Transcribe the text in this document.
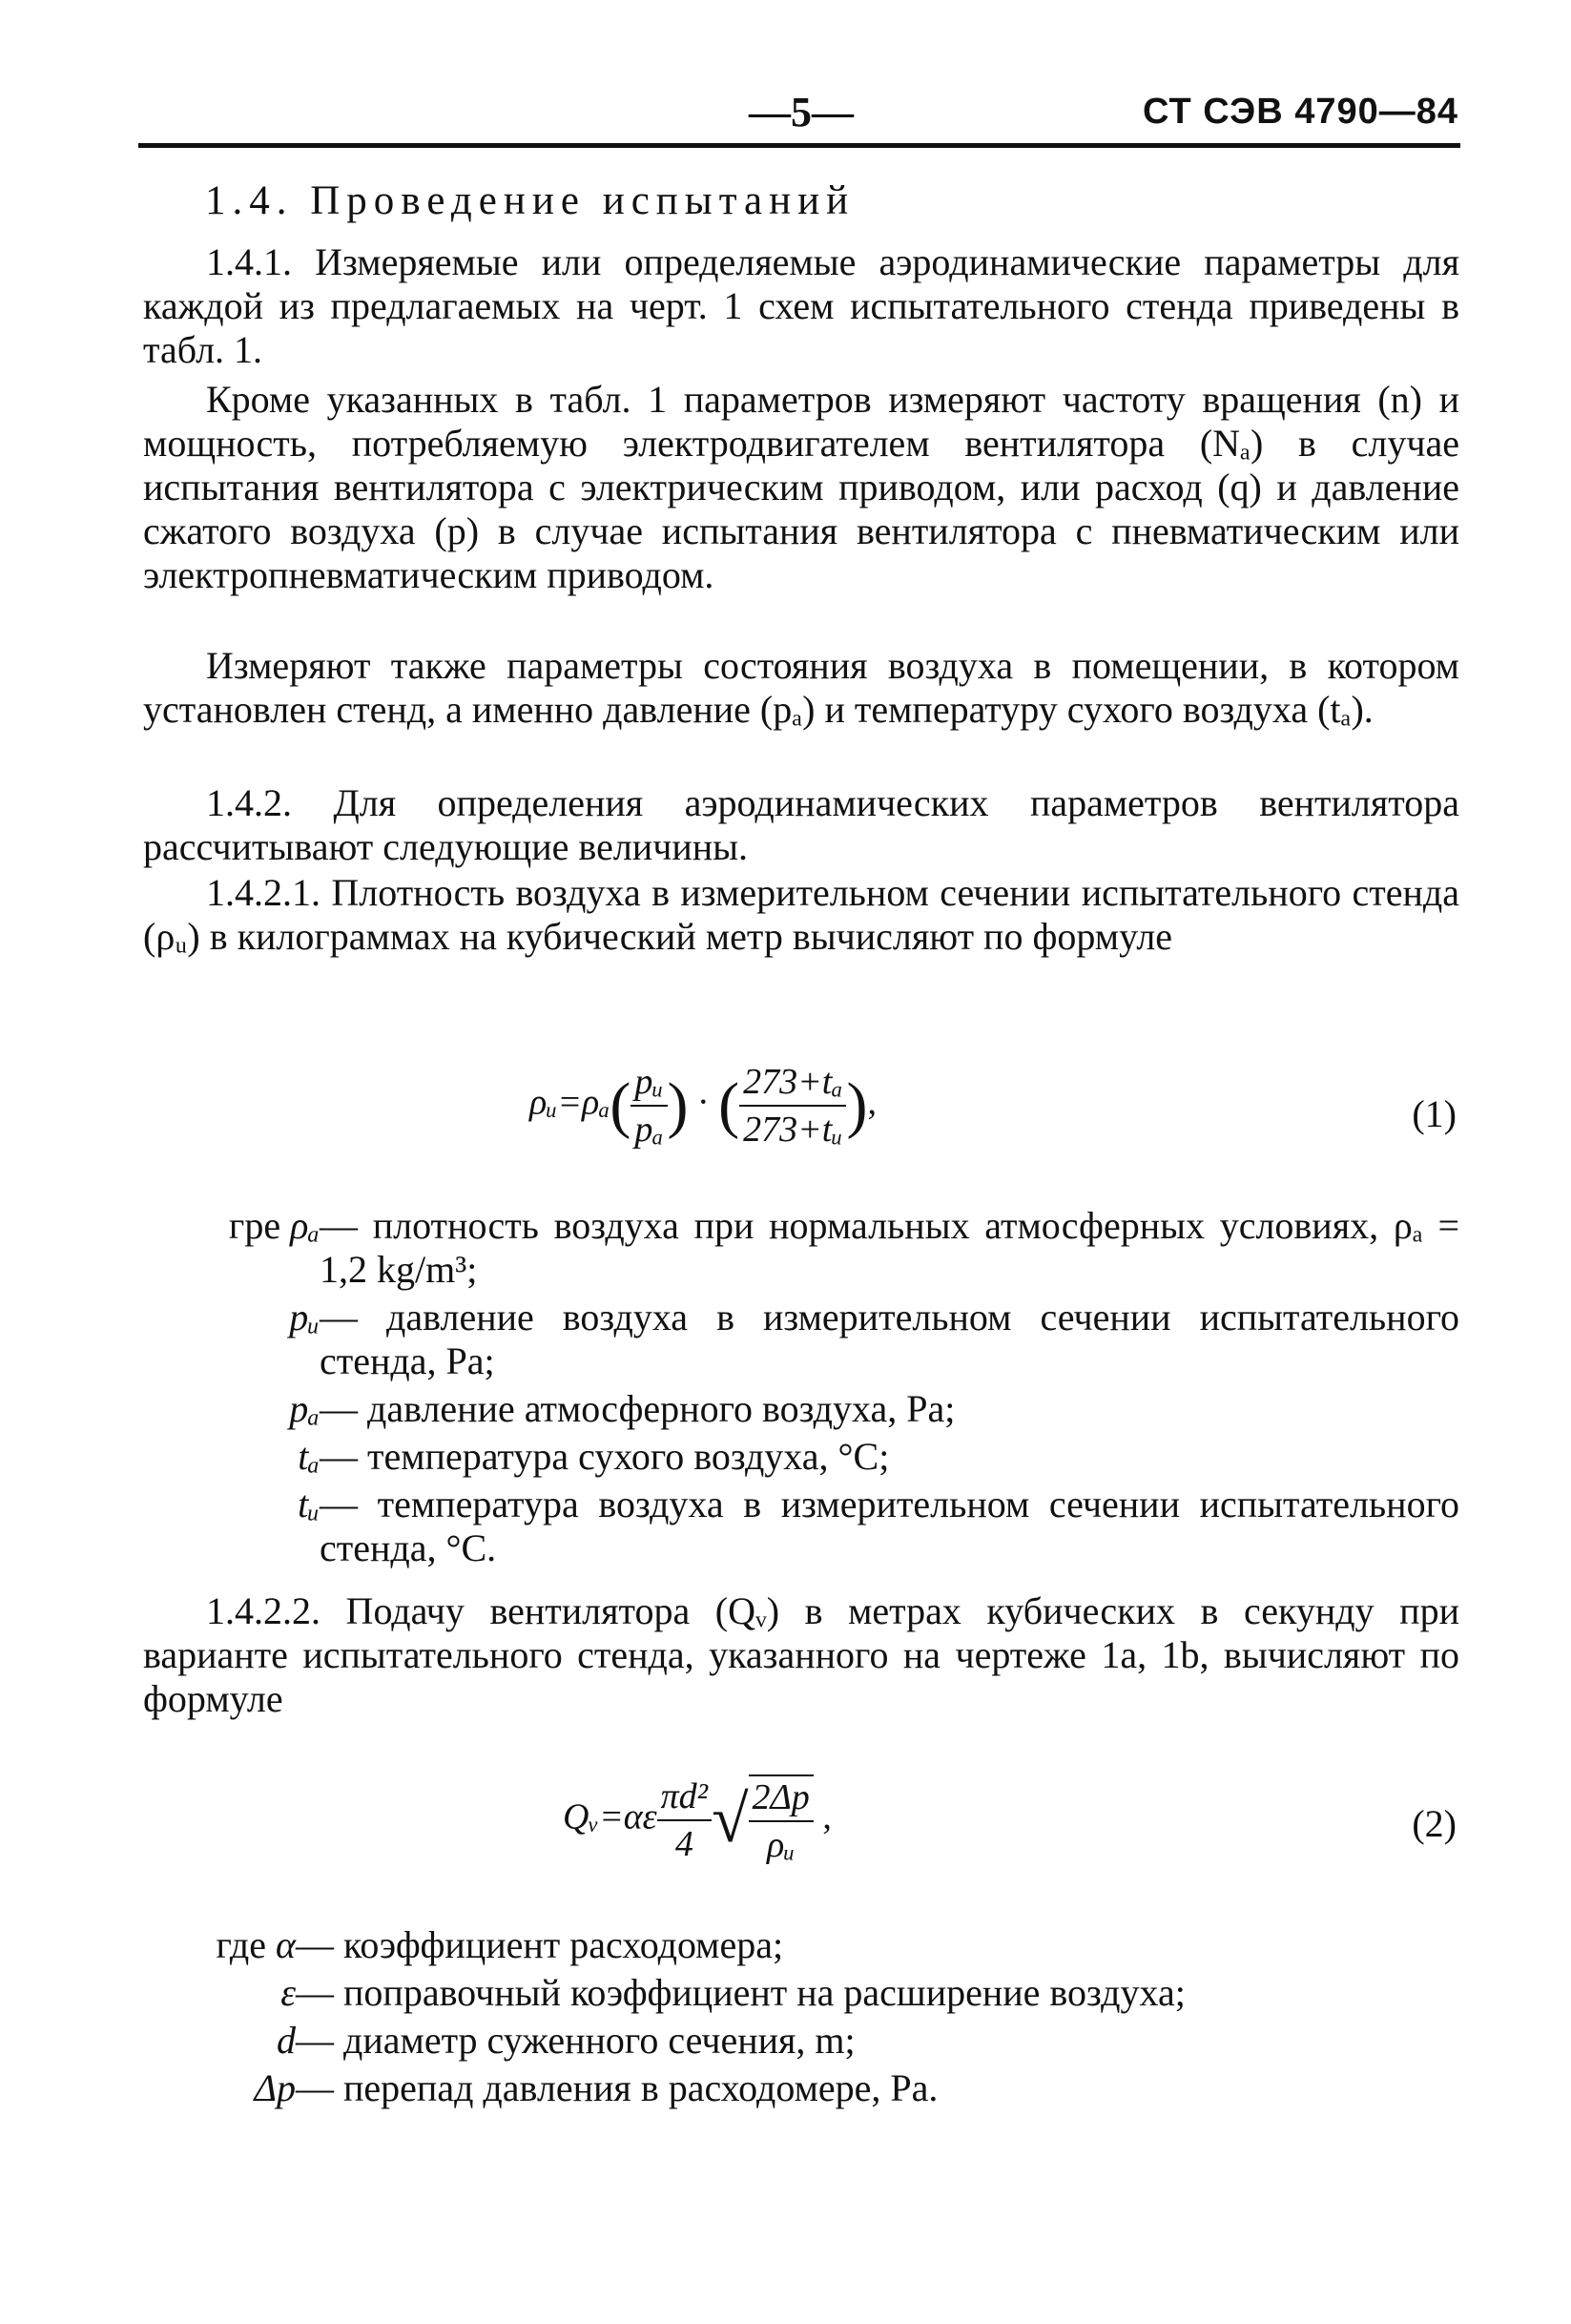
—5—	СТ СЭВ 4790—84
1.4. Проведение испытаний
1.4.1. Измеряемые или определяемые аэродинамические параметры для каждой из предлагаемых на черт. 1 схем испытательного стенда приведены в табл. 1.
Кроме указанных в табл. 1 параметров измеряют частоту вращения (n) и мощность, потребляемую электродвигателем вентилятора (Nₐ) в случае испытания вентилятора с электрическим приводом, или расход (q) и давление сжатого воздуха (p) в случае испытания вентилятора с пневматическим или электропневматическим приводом.
Измеряют также параметры состояния воздуха в помещении, в котором установлен стенд, а именно давление (pₐ) и температуру сухого воздуха (tₐ).
1.4.2. Для определения аэродинамических параметров вентилятора рассчитывают следующие величины.
1.4.2.1. Плотность воздуха в измерительном сечении испытательного стенда (ρᵤ) в килограммах на кубический метр вычисляют по формуле
ρᵤ=ρₐ( $\frac{\text{pᵤ}}{\text{pₐ}}$ ) · ( $\frac{\text{273+tₐ}}{\text{273+tᵤ}}$ ),	(1)
гре ρₐ — плотность воздуха при нормальных атмосферных условиях, ρₐ = 1,2 kg/m³;
pᵤ — давление воздуха в измерительном сечении испытательного стенда, Pa;
pₐ — давление атмосферного воздуха, Pa;
tₐ — температура сухого воздуха, °C;
tᵤ — температура воздуха в измерительном сечении испытательного стенда, °C.
1.4.2.2. Подачу вентилятора (Qᵥ) в метрах кубических в секунду при варианте испытательного стенда, указанного на чертеже 1a, 1b, вычисляют по формуле
Qᵥ=αε $\frac{\text{πd²}}{4}$ √ $\frac{2\Delta p}{\text{ρᵤ}}$ ,	(2)
где α — коэффициент расходомера;
ε — поправочный коэффициент на расширение воздуха;
d — диаметр суженного сечения, m;
Δp — перепад давления в расходомере, Pa.
